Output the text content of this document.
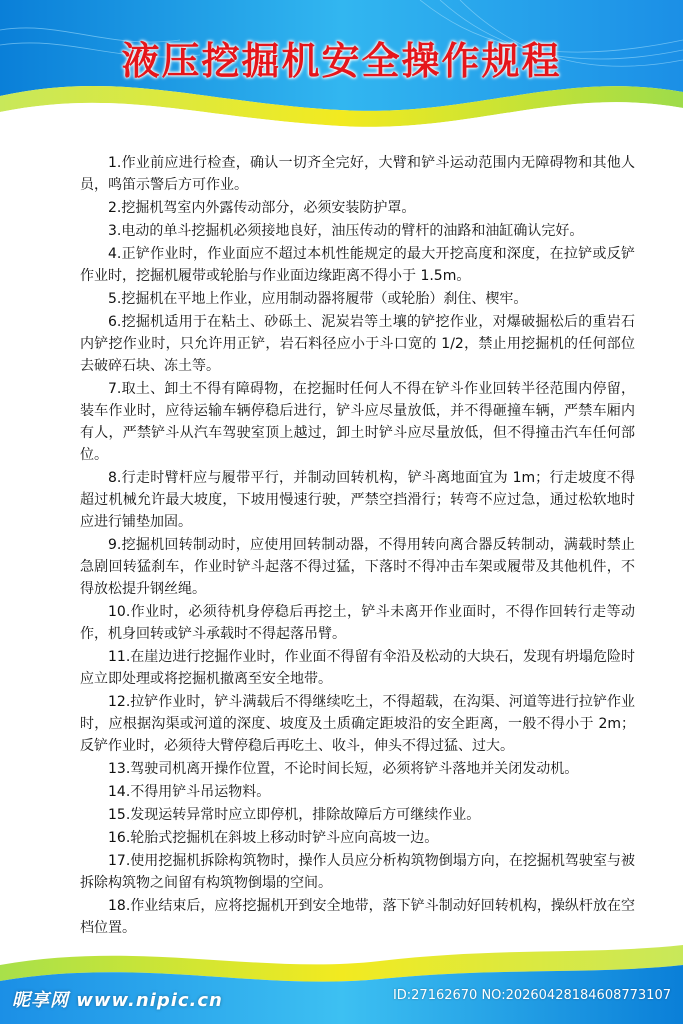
液压挖掘机安全操作规程

1.作业前应进行检查，确认一切齐全完好，大臂和铲斗运动范围内无障碍物和其他人员，鸣笛示警后方可作业。

2.挖掘机驾室内外露传动部分，必须安装防护罩。

3.电动的单斗挖掘机必须接地良好，油压传动的臂杆的油路和油缸确认完好。

4.正铲作业时，作业面应不超过本机性能规定的最大开挖高度和深度，在拉铲或反铲作业时，挖掘机履带或轮胎与作业面边缘距离不得小于 1.5m。

5.挖掘机在平地上作业，应用制动器将履带（或轮胎）刹住、楔牢。

6.挖掘机适用于在粘土、砂砾土、泥炭岩等土壤的铲挖作业，对爆破掘松后的重岩石内铲挖作业时，只允许用正铲，岩石料径应小于斗口宽的 1/2，禁止用挖掘机的任何部位去破碎石块、冻土等。

7.取土、卸土不得有障碍物，在挖掘时任何人不得在铲斗作业回转半径范围内停留，装车作业时，应待运输车辆停稳后进行，铲斗应尽量放低，并不得砸撞车辆，严禁车厢内有人，严禁铲斗从汽车驾驶室顶上越过，卸土时铲斗应尽量放低，但不得撞击汽车任何部位。

8.行走时臂杆应与履带平行，并制动回转机构，铲斗离地面宜为 1m；行走坡度不得超过机械允许最大坡度，下坡用慢速行驶，严禁空挡滑行；转弯不应过急，通过松软地时应进行铺垫加固。

9.挖掘机回转制动时，应使用回转制动器，不得用转向离合器反转制动，满载时禁止急剧回转猛刹车，作业时铲斗起落不得过猛，下落时不得冲击车架或履带及其他机件，不得放松提升钢丝绳。

10.作业时，必须待机身停稳后再挖土，铲斗未离开作业面时，不得作回转行走等动作，机身回转或铲斗承载时不得起落吊臂。

11.在崖边进行挖掘作业时，作业面不得留有伞沿及松动的大块石，发现有坍塌危险时应立即处理或将挖掘机撤离至安全地带。

12.拉铲作业时，铲斗满载后不得继续吃土，不得超载，在沟渠、河道等进行拉铲作业时，应根据沟渠或河道的深度、坡度及土质确定距坡沿的安全距离，一般不得小于 2m；反铲作业时，必须待大臂停稳后再吃土、收斗，伸头不得过猛、过大。

13.驾驶司机离开操作位置，不论时间长短，必须将铲斗落地并关闭发动机。

14.不得用铲斗吊运物料。

15.发现运转异常时应立即停机，排除故障后方可继续作业。

16.轮胎式挖掘机在斜坡上移动时铲斗应向高坡一边。

17.使用挖掘机拆除构筑物时，操作人员应分析构筑物倒塌方向，在挖掘机驾驶室与被拆除构筑物之间留有构筑物倒塌的空间。

18.作业结束后，应将挖掘机开到安全地带，落下铲斗制动好回转机构，操纵杆放在空档位置。

昵享网 www.nipic.cn	ID:27162670 NO:20260428184608773107
